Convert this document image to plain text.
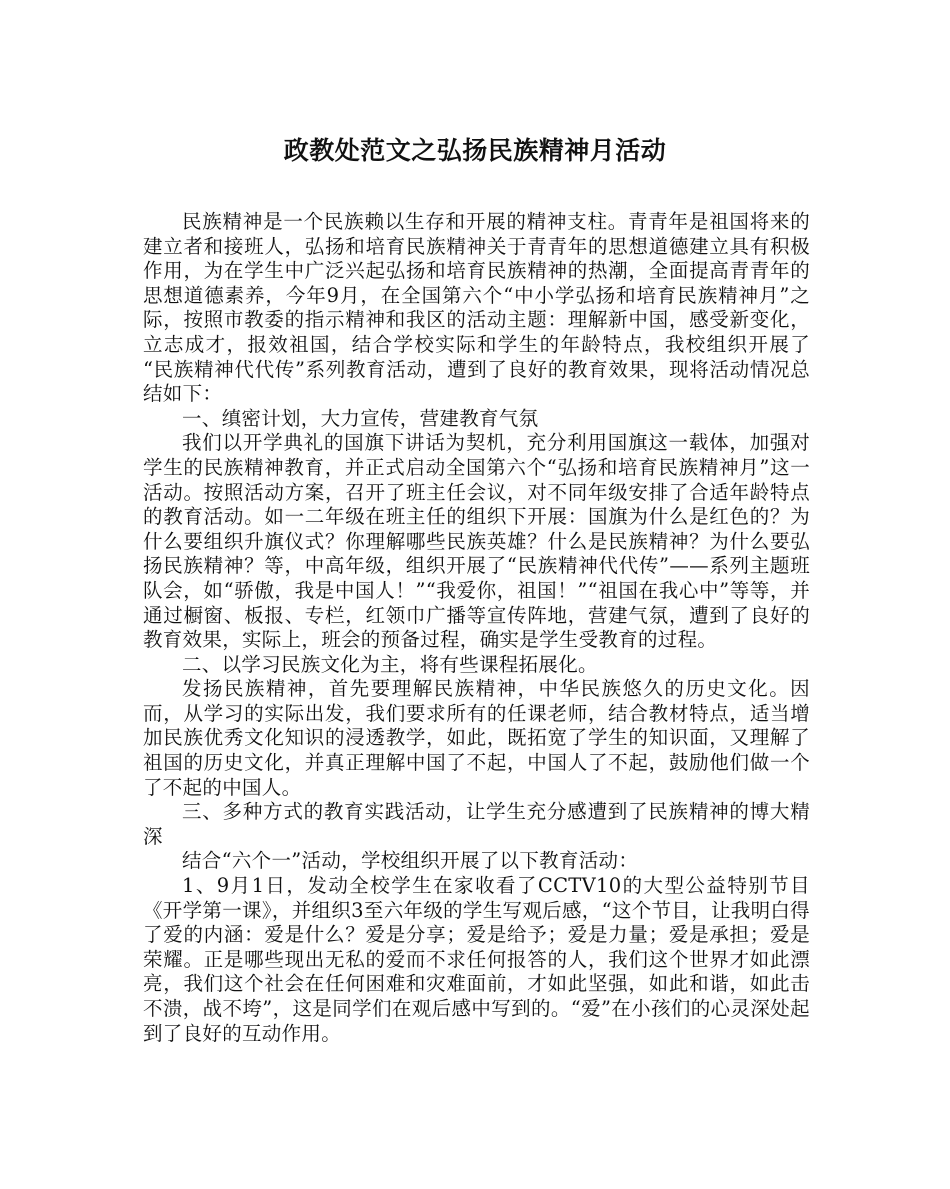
政教处范文之弘扬民族精神月活动

民族精神是一个民族赖以生存和开展的精神支柱。青青年是祖国将来的建立者和接班人，弘扬和培育民族精神关于青青年的思想道德建立具有积极作用，为在学生中广泛兴起弘扬和培育民族精神的热潮，全面提高青青年的思想道德素养，今年9月，在全国第六个“中小学弘扬和培育民族精神月”之际，按照市教委的指示精神和我区的活动主题：理解新中国，感受新变化，立志成才，报效祖国，结合学校实际和学生的年龄特点，我校组织开展了 “民族精神代代传”系列教育活动，遭到了良好的教育效果，现将活动情况总结如下：

一、缜密计划，大力宣传，营建教育气氛

我们以开学典礼的国旗下讲话为契机，充分利用国旗这一载体，加强对学生的民族精神教育，并正式启动全国第六个“弘扬和培育民族精神月”这一活动。按照活动方案，召开了班主任会议，对不同年级安排了合适年龄特点的教育活动。如一二年级在班主任的组织下开展：国旗为什么是红色的？为什么要组织升旗仪式？你理解哪些民族英雄？什么是民族精神？为什么要弘扬民族精神？等，中高年级，组织开展了“民族精神代代传”——系列主题班队会，如“骄傲，我是中国人！”“我爱你，祖国！”“祖国在我心中”等等，并通过橱窗、板报、专栏，红领巾广播等宣传阵地，营建气氛，遭到了良好的教育效果，实际上，班会的预备过程，确实是学生受教育的过程。

二、以学习民族文化为主，将有些课程拓展化。

发扬民族精神，首先要理解民族精神，中华民族悠久的历史文化。因而，从学习的实际出发，我们要求所有的任课老师，结合教材特点，适当增加民族优秀文化知识的浸透教学，如此，既拓宽了学生的知识面，又理解了祖国的历史文化，并真正理解中国了不起，中国人了不起，鼓励他们做一个了不起的中国人。

三、多种方式的教育实践活动，让学生充分感遭到了民族精神的博大精深

结合“六个一”活动，学校组织开展了以下教育活动：

1、9月1日，发动全校学生在家收看了CCTV10的大型公益特别节目《开学第一课》，并组织3至六年级的学生写观后感，“这个节目，让我明白得了爱的内涵：爱是什么？爱是分享；爱是给予；爱是力量；爱是承担；爱是荣耀。正是哪些现出无私的爱而不求任何报答的人，我们这个世界才如此漂亮，我们这个社会在任何困难和灾难面前，才如此坚强，如此和谐，如此击不溃，战不垮”，这是同学们在观后感中写到的。“爱”在小孩们的心灵深处起到了良好的互动作用。
